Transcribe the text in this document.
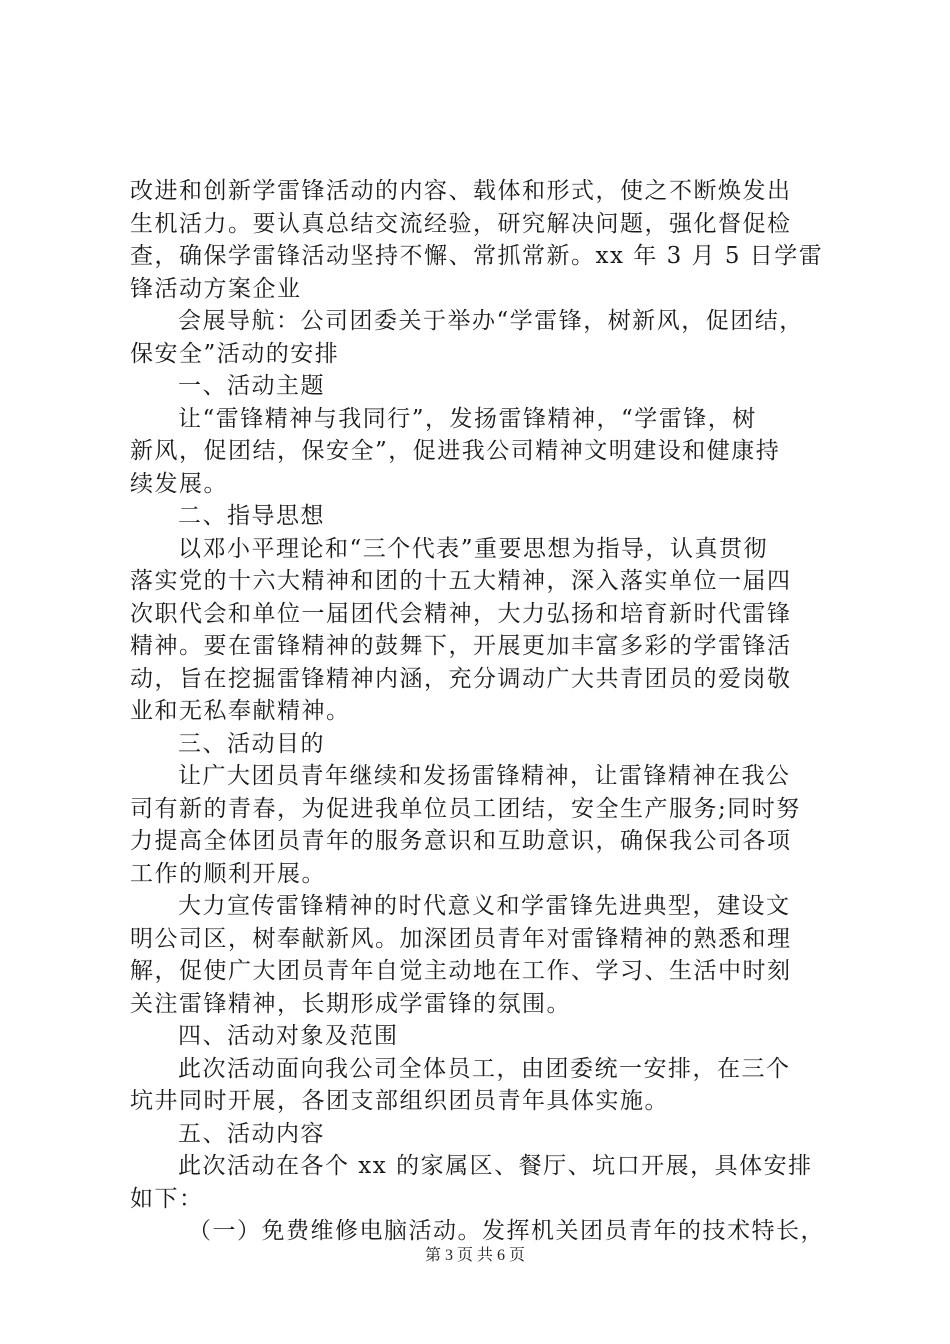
改进和创新学雷锋活动的内容、载体和形式，使之不断焕发出
生机活力。要认真总结交流经验，研究解决问题，强化督促检
查，确保学雷锋活动坚持不懈、常抓常新。xx 年 3 月 5 日学雷
锋活动方案企业
会展导航：公司团委关于举办“学雷锋，树新风，促团结，
保安全”活动的安排
一、活动主题
让“雷锋精神与我同行”，发扬雷锋精神，“学雷锋，树
新风，促团结，保安全”，促进我公司精神文明建设和健康持
续发展。
二、指导思想
以邓小平理论和“三个代表”重要思想为指导，认真贯彻
落实党的十六大精神和团的十五大精神，深入落实单位一届四
次职代会和单位一届团代会精神，大力弘扬和培育新时代雷锋
精神。要在雷锋精神的鼓舞下，开展更加丰富多彩的学雷锋活
动，旨在挖掘雷锋精神内涵，充分调动广大共青团员的爱岗敬
业和无私奉献精神。
三、活动目的
让广大团员青年继续和发扬雷锋精神，让雷锋精神在我公
司有新的青春，为促进我单位员工团结，安全生产服务;同时努
力提高全体团员青年的服务意识和互助意识，确保我公司各项
工作的顺利开展。
大力宣传雷锋精神的时代意义和学雷锋先进典型，建设文
明公司区，树奉献新风。加深团员青年对雷锋精神的熟悉和理
解，促使广大团员青年自觉主动地在工作、学习、生活中时刻
关注雷锋精神，长期形成学雷锋的氛围。
四、活动对象及范围
此次活动面向我公司全体员工，由团委统一安排，在三个
坑井同时开展，各团支部组织团员青年具体实施。
五、活动内容
此次活动在各个 xx 的家属区、餐厅、坑口开展，具体安排
如下：
（一）免费维修电脑活动。发挥机关团员青年的技术特长，
第 3 页 共 6 页
